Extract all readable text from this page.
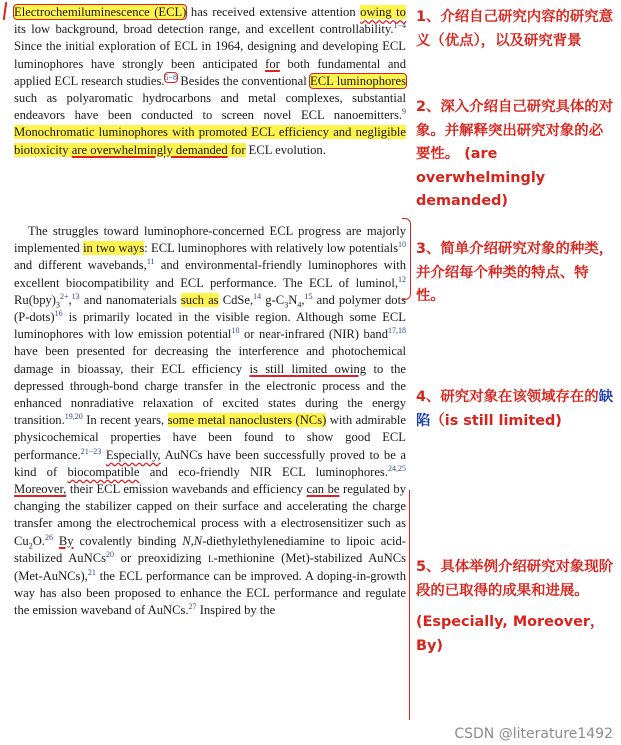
Electrochemiluminescence (ECL) has received extensive attention owing to its low background, broad detection range, and excellent controllability.$^{1-4}$ Since the initial exploration of ECL in 1964, designing and developing ECL luminophores have strongly been anticipated for both fundamental and applied ECL research studies.$^{5-8}$ Besides the conventional ECL luminophores such as polyaromatic hydrocarbons and metal complexes, substantial endeavors have been conducted to screen novel ECL nanoemitters.$^9$ Monochromatic luminophores with promoted ECL efficiency and negligible biotoxicity are overwhelmingly demanded for ECL evolution.
The struggles toward luminophore-concerned ECL progress are majorly implemented in two ways: ECL luminophores with relatively low potentials$^{10}$ and different wavebands,$^{11}$ and environmental-friendly luminophores with excellent biocompatibility and ECL performance. The ECL of luminol,$^{12}$ $Ru(bpy)_3^{2+},^{13}$ and nanomaterials such as CdSe,$^{14}$ $g-C_3N_4,^{15}$ and polymer dots (P-dots)$^{16}$ is primarily located in the visible region. Although some ECL luminophores with low emission potential$^{10}$ or near-infrared (NIR) band$^{17,18}$ have been presented for decreasing the interference and photochemical damage in bioassay, their ECL efficiency is still limited owing to the depressed through-bond charge transfer in the electronic process and the enhanced nonradiative relaxation of excited states during the energy transition.$^{19,20}$ In recent years, some metal nanoclusters (NCs) with admirable physicochemical properties have been found to show good ECL performance.$^{21-23}$ Especially, AuNCs have been successfully proved to be a kind of biocompatible and eco-friendly NIR ECL luminophores.$^{24,25}$ Moreover, their ECL emission wavebands and efficiency can be regulated by changing the stabilizer capped on their surface and accelerating the charge transfer among the electrochemical process with a electrosensitizer such as $Cu_2O.^{26}$ By covalently binding N,N-diethylethylenediamine to lipoic acid-stabilized AuNCs$^{20}$ or preoxidizing L-methionine (Met)-stabilized AuNCs (Met-AuNCs),$^{21}$ the ECL performance can be improved. A doping-in-growth way has also been proposed to enhance the ECL performance and regulate the emission waveband of AuNCs.$^{27}$ Inspired by the
1、介绍自己研究内容的研究意义（优点），以及研究背景
2、深入介绍自己研究具体的对象。并解释突出研究对象的必要性。 (are overwhelmingly demanded)
3、简单介绍研究对象的种类，并介绍每个种类的特点、特性。
4、研究对象在该领域存在的缺陷（is still limited)
5、具体举例介绍研究对象现阶段的已取得的成果和进展。
(Especially, Moreover，By)
CSDN @literature1492
